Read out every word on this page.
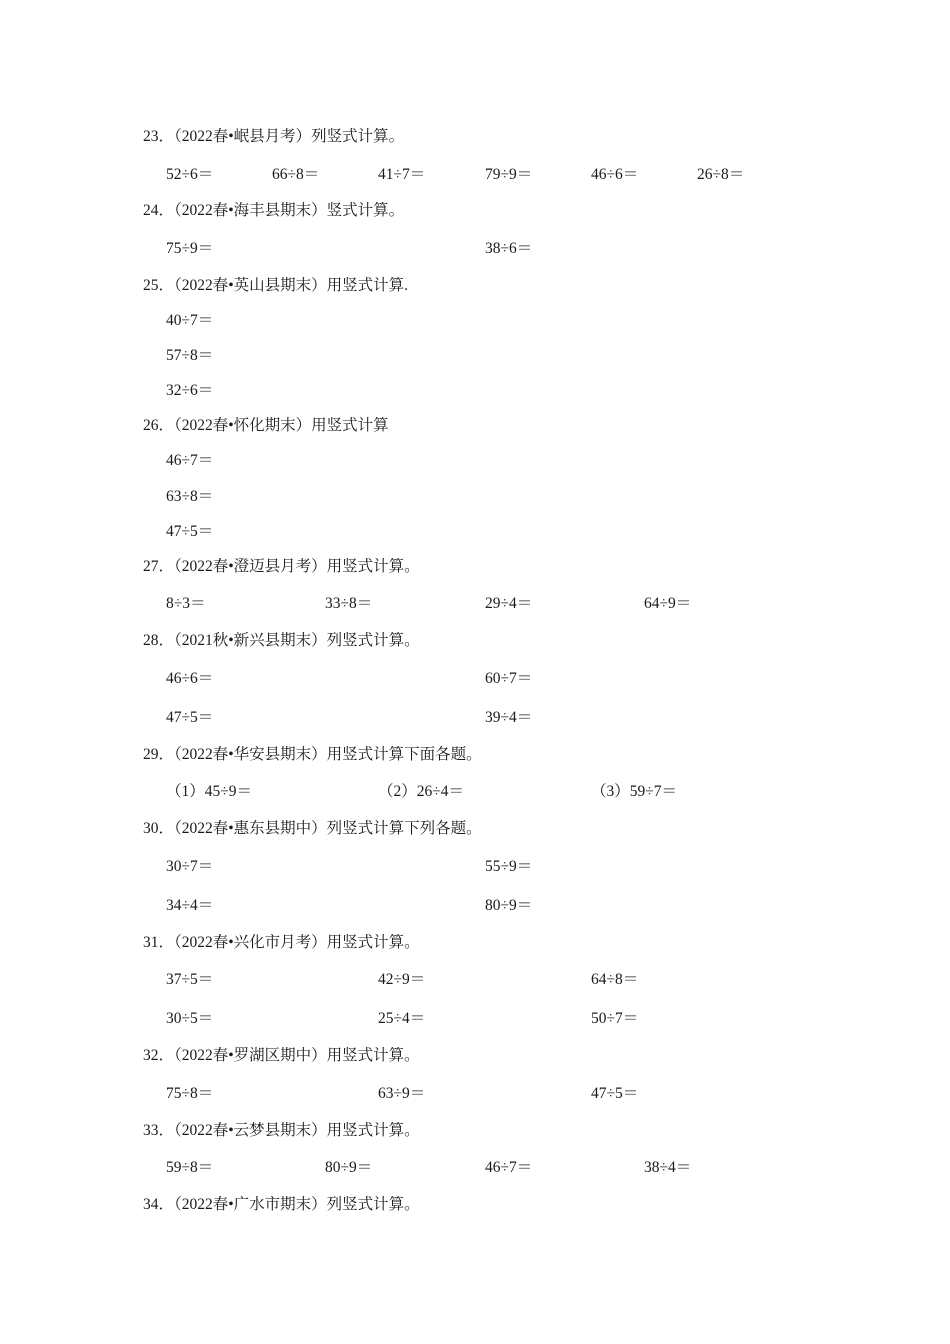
23．（2022春•岷县月考）列竖式计算。
52÷6＝	66÷8＝	41÷7＝	79÷9＝	46÷6＝	26÷8＝
24．（2022春•海丰县期末）竖式计算。
75÷9＝	38÷6＝
25．（2022春•英山县期末）用竖式计算.
40÷7＝
57÷8＝
32÷6＝
26．（2022春•怀化期末）用竖式计算
46÷7＝
63÷8＝
47÷5＝
27．（2022春•澄迈县月考）用竖式计算。
8÷3＝	33÷8＝	29÷4＝	64÷9＝
28．（2021秋•新兴县期末）列竖式计算。
46÷6＝	60÷7＝
47÷5＝	39÷4＝
29．（2022春•华安县期末）用竖式计算下面各题。
（1）45÷9＝	（2）26÷4＝	（3）59÷7＝
30．（2022春•惠东县期中）列竖式计算下列各题。
30÷7＝	55÷9＝
34÷4＝	80÷9＝
31．（2022春•兴化市月考）用竖式计算。
37÷5＝	42÷9＝	64÷8＝
30÷5＝	25÷4＝	50÷7＝
32．（2022春•罗湖区期中）用竖式计算。
75÷8＝	63÷9＝	47÷5＝
33．（2022春•云梦县期末）用竖式计算。
59÷8＝	80÷9＝	46÷7＝	38÷4＝
34．（2022春•广水市期末）列竖式计算。
